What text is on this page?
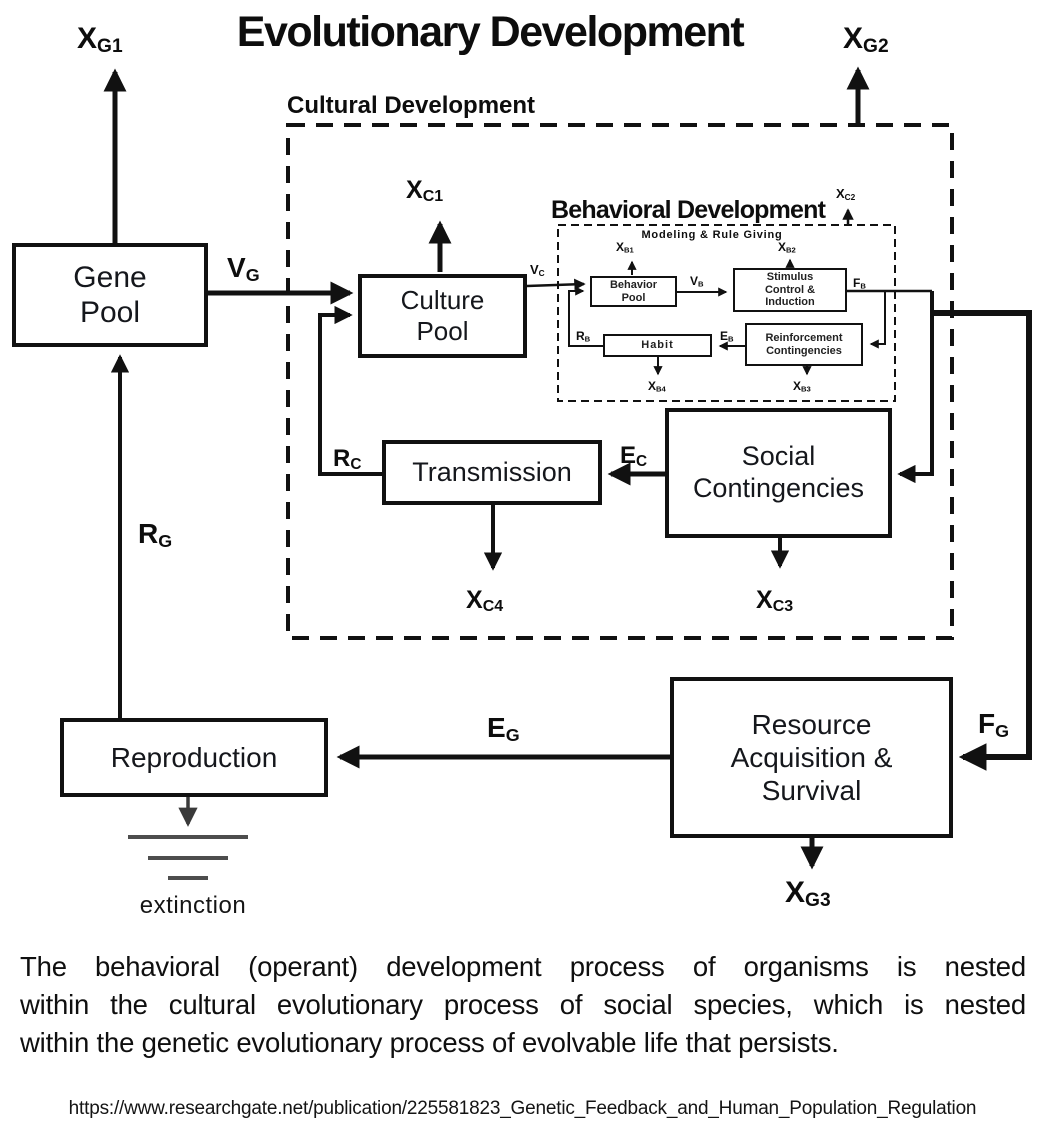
Evolutionary Development
Cultural Development
Behavioral Development
Modeling & Rule Giving
Gene
Pool	Culture
Pool
Behavior
Pool
Stimulus
Control &
Induction
Habit
Reinforcement
Contingencies
Transmission
Social
Contingencies
Reproduction
Resource
Acquisition &
Survival
$X_{G1}$	$X_{G2}$
$X_{G3}$
$V_G$
$R_G$
$E_G$	$F_G$
$X_{C1}$	$X_{C2}$
$X_{C3}$
$X_{C4}$
$V_C$
$R_C$	$E_C$
$X_{B1}$	$X_{B2}$
$X_{B3}$
$X_{B4}$
$V_B$	$F_B$
$R_B$	$E_B$
extinction
The behavioral (operant) development process of organisms is nested
within the cultural evolutionary process of social species, which is nested
within the genetic evolutionary process of evolvable life that persists.
https://www.researchgate.net/publication/225581823_Genetic_Feedback_and_Human_Population_Regulation
